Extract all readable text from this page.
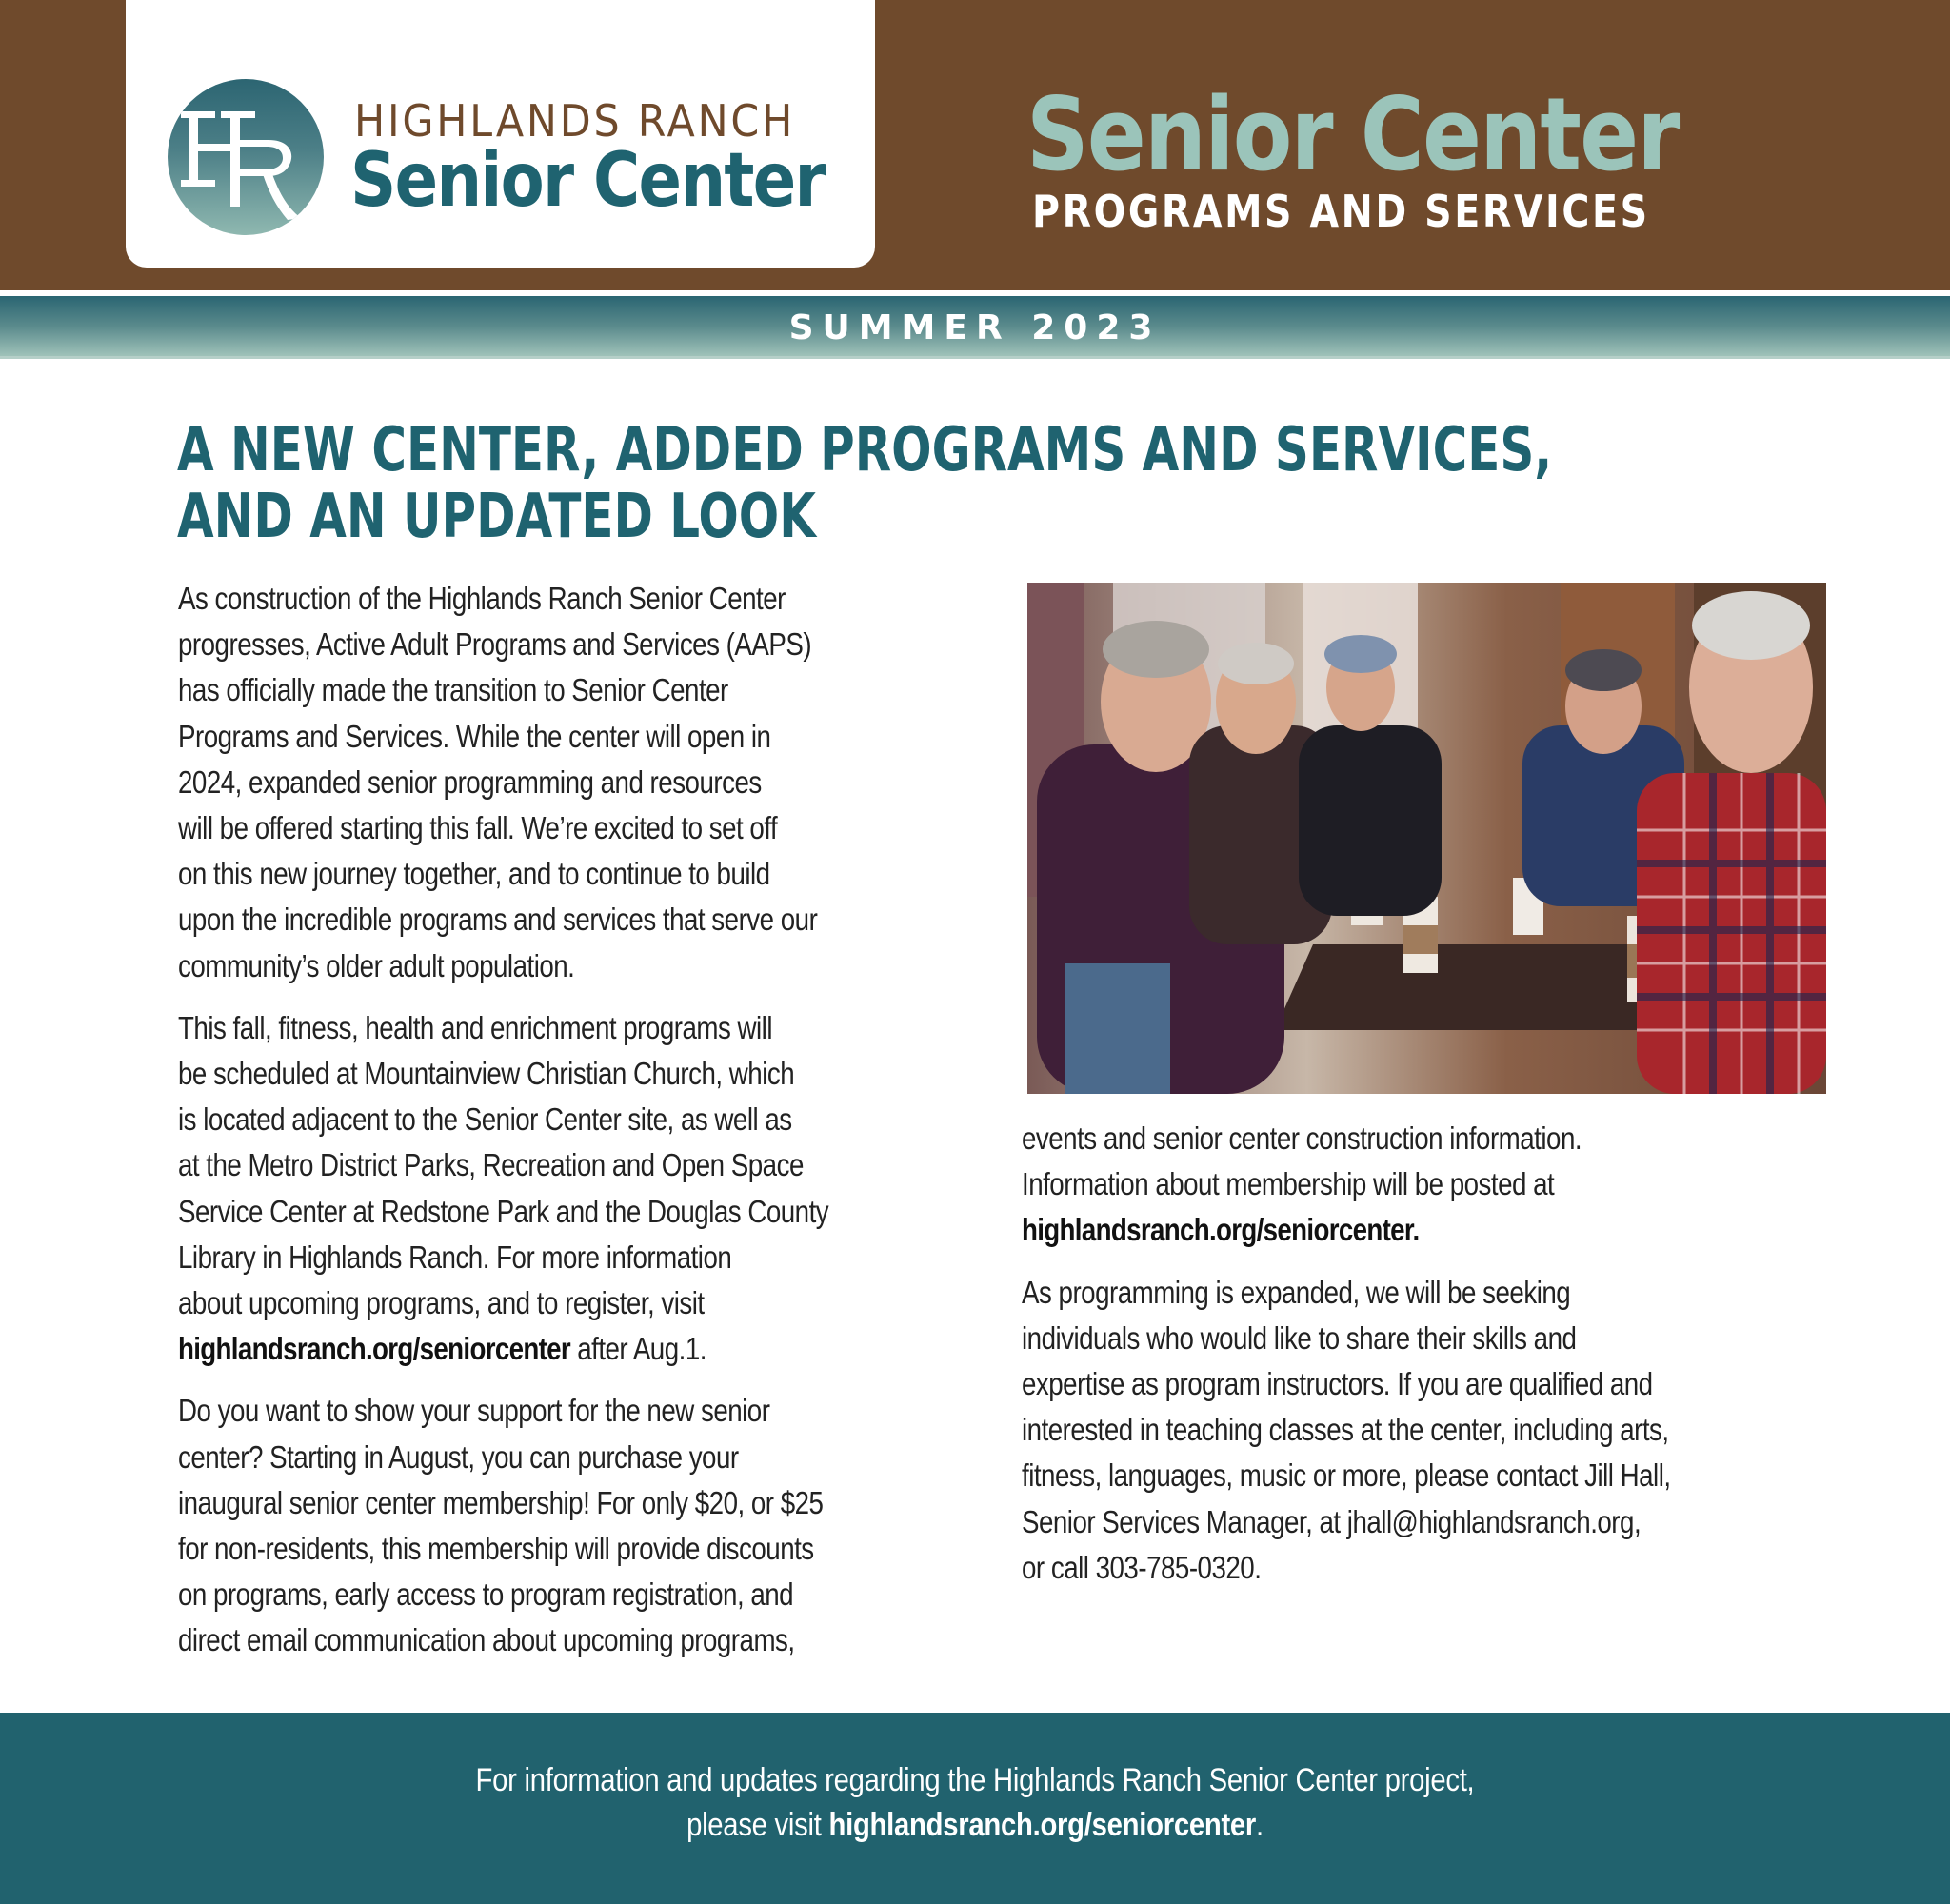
HIGHLANDS RANCH
Senior Center Senior Center
PROGRAMS AND SERVICES
SUMMER 2023
A NEW CENTER, ADDED PROGRAMS AND SERVICES,
AND AN UPDATED LOOK

As construction of the Highlands Ranch Senior Center
progresses, Active Adult Programs and Services (AAPS)
has officially made the transition to Senior Center
Programs and Services. While the center will open in
2024, expanded senior programming and resources
will be offered starting this fall. We’re excited to set off
on this new journey together, and to continue to build
upon the incredible programs and services that serve our
community’s older adult population.

This fall, fitness, health and enrichment programs will
be scheduled at Mountainview Christian Church, which
is located adjacent to the Senior Center site, as well as
at the Metro District Parks, Recreation and Open Space
Service Center at Redstone Park and the Douglas County
Library in Highlands Ranch. For more information
about upcoming programs, and to register, visit
highlandsranch.org/seniorcenter after Aug.1.

Do you want to show your support for the new senior
center? Starting in August, you can purchase your
inaugural senior center membership! For only $20, or $25
for non-residents, this membership will provide discounts
on programs, early access to program registration, and
direct email communication about upcoming programs,

events and senior center construction information.
Information about membership will be posted at
highlandsranch.org/seniorcenter.

As programming is expanded, we will be seeking
individuals who would like to share their skills and
expertise as program instructors. If you are qualified and
interested in teaching classes at the center, including arts,
fitness, languages, music or more, please contact Jill Hall,
Senior Services Manager, at jhall@highlandsranch.org,
or call 303-785-0320.

For information and updates regarding the Highlands Ranch Senior Center project,
please visit highlandsranch.org/seniorcenter.
